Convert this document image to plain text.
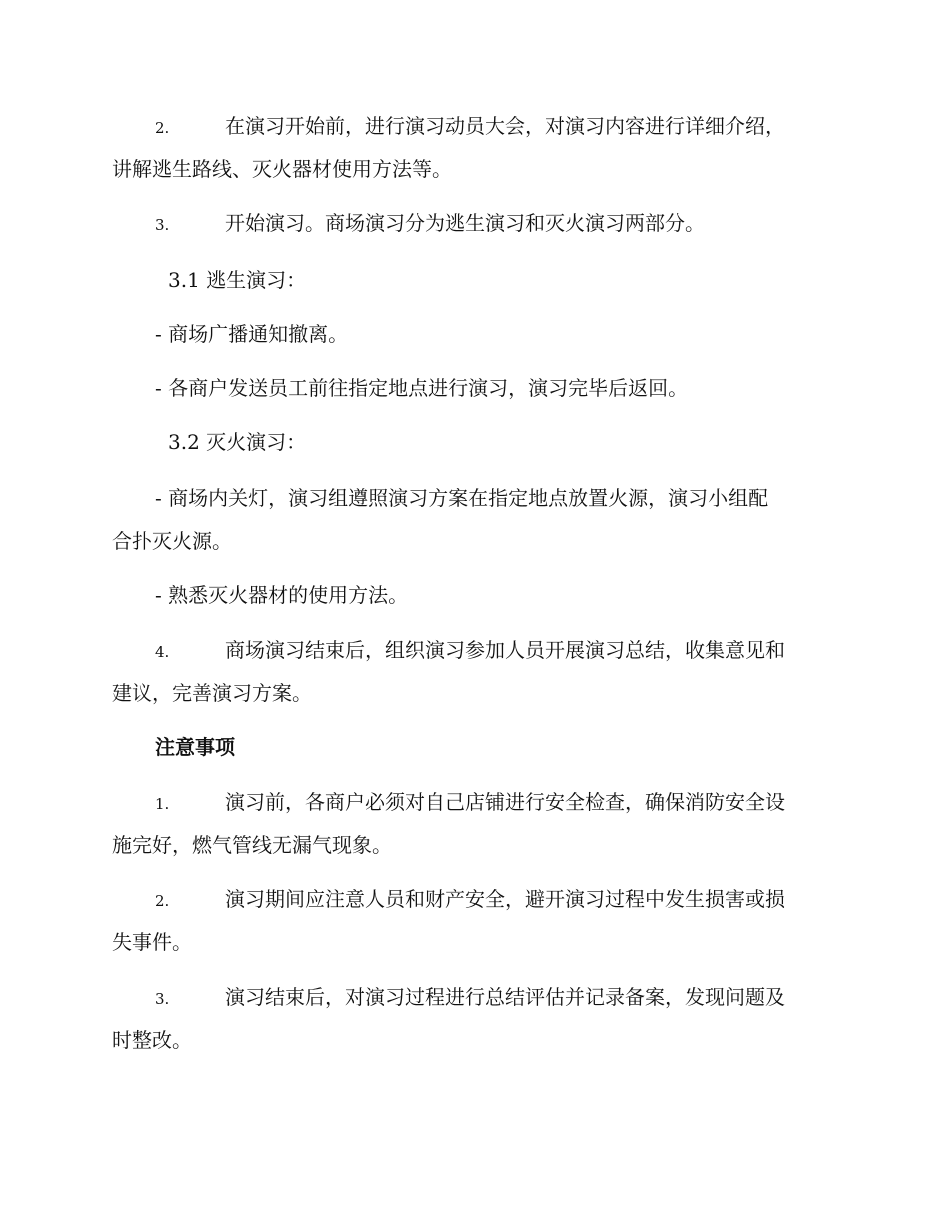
2.	在演习开始前，进行演习动员大会，对演习内容进行详细介绍，
讲解逃生路线、灭火器材使用方法等。
3.	开始演习。商场演习分为逃生演习和灭火演习两部分。
3.1 逃生演习：
- 商场广播通知撤离。
- 各商户发送员工前往指定地点进行演习，演习完毕后返回。
3.2 灭火演习：
- 商场内关灯，演习组遵照演习方案在指定地点放置火源，演习小组配
合扑灭火源。
- 熟悉灭火器材的使用方法。
4.	商场演习结束后，组织演习参加人员开展演习总结，收集意见和
建议，完善演习方案。
注意事项
1.	演习前，各商户必须对自己店铺进行安全检查，确保消防安全设
施完好，燃气管线无漏气现象。
2.	演习期间应注意人员和财产安全，避开演习过程中发生损害或损
失事件。
3.	演习结束后，对演习过程进行总结评估并记录备案，发现问题及
时整改。
